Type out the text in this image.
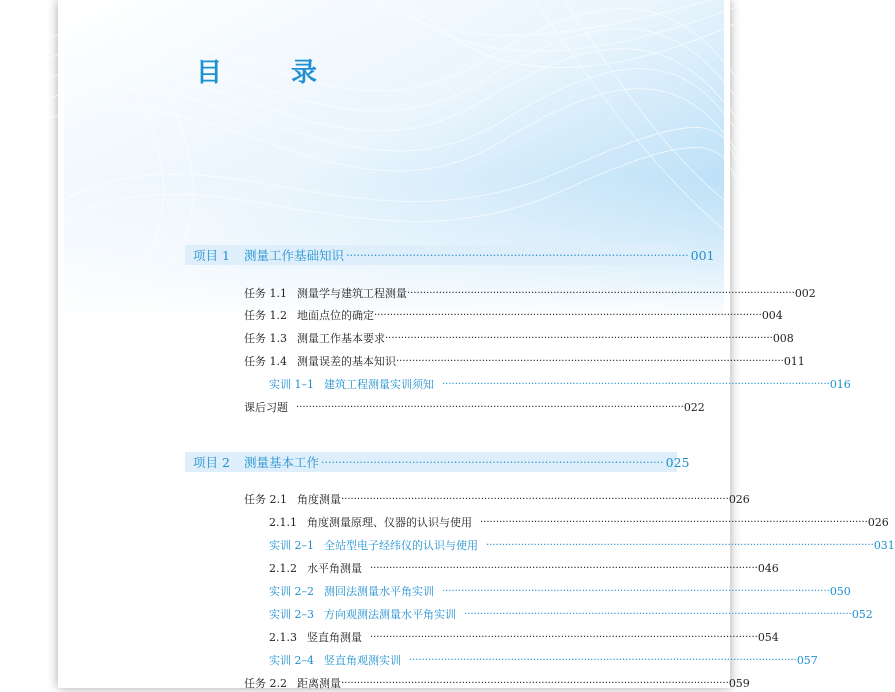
目 录
项目 1 测量工作基础知识 ·································································································· 001
任务 1.1 测量学与建筑工程测量 ·························································································································· 002
任务 1.2 地面点位的确定 ·························································································································· 004
任务 1.3 测量工作基本要求 ·························································································································· 008
任务 1.4 测量误差的基本知识 ·························································································································· 011
实训 1–1 建筑工程测量实训须知 ·························································································································· 016
课后习题 ·························································································································· 022
项目 2 测量基本工作 ·································································································· 025
任务 2.1 角度测量 ·························································································································· 026
2.1.1 角度测量原理、仪器的认识与使用 ·························································································································· 026
实训 2–1 全站型电子经纬仪的认识与使用 ·························································································································· 031
2.1.2 水平角测量 ·························································································································· 046
实训 2–2 测回法测量水平角实训 ·························································································································· 050
实训 2–3 方向观测法测量水平角实训 ·························································································································· 052
2.1.3 竖直角测量 ·························································································································· 054
实训 2–4 竖直角观测实训 ·························································································································· 057
任务 2.2 距离测量 ·························································································································· 059
